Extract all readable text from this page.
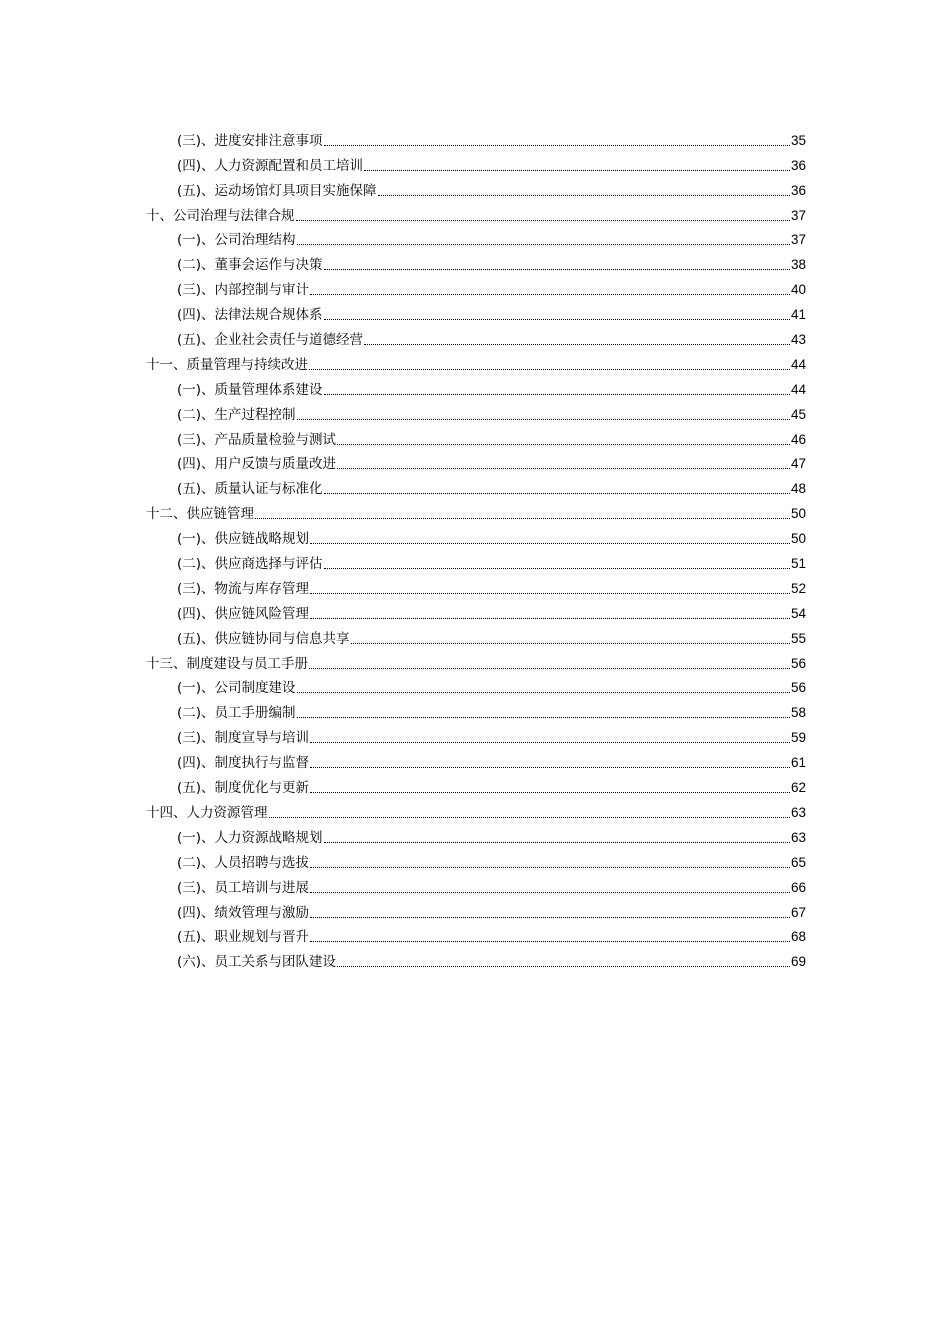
(三)、进度安排注意事项	35
(四)、人力资源配置和员工培训	36
(五)、运动场馆灯具项目实施保障	36
十、公司治理与法律合规	37
(一)、公司治理结构	37
(二)、董事会运作与决策	38
(三)、内部控制与审计	40
(四)、法律法规合规体系	41
(五)、企业社会责任与道德经营	43
十一、质量管理与持续改进	44
(一)、质量管理体系建设	44
(二)、生产过程控制	45
(三)、产品质量检验与测试	46
(四)、用户反馈与质量改进	47
(五)、质量认证与标准化	48
十二、供应链管理	50
(一)、供应链战略规划	50
(二)、供应商选择与评估	51
(三)、物流与库存管理	52
(四)、供应链风险管理	54
(五)、供应链协同与信息共享	55
十三、制度建设与员工手册	56
(一)、公司制度建设	56
(二)、员工手册编制	58
(三)、制度宣导与培训	59
(四)、制度执行与监督	61
(五)、制度优化与更新	62
十四、人力资源管理	63
(一)、人力资源战略规划	63
(二)、人员招聘与选拔	65
(三)、员工培训与进展	66
(四)、绩效管理与激励	67
(五)、职业规划与晋升	68
(六)、员工关系与团队建设	69
